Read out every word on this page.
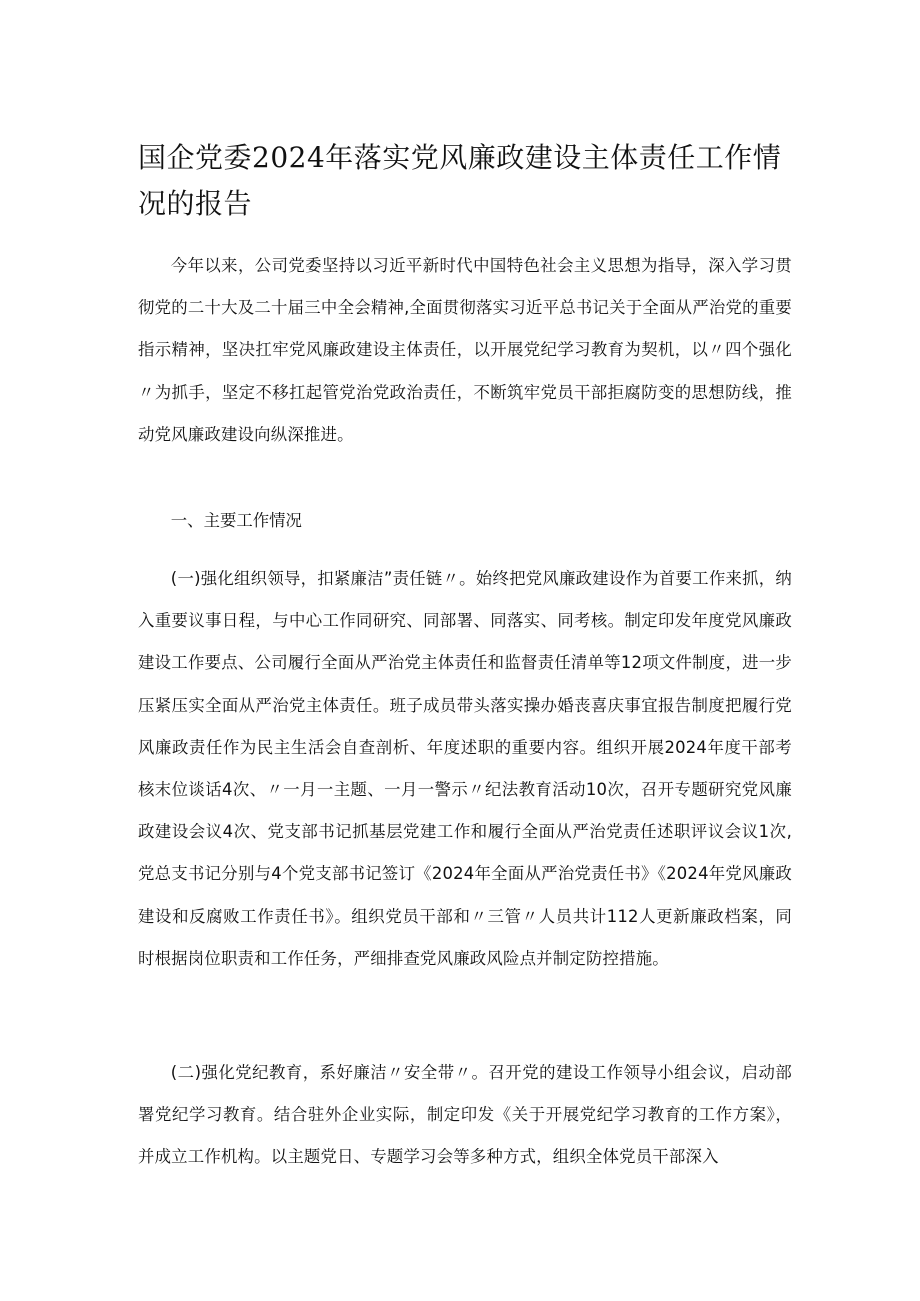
国企党委2024年落实党风廉政建设主体责任工作情况的报告

今年以来，公司党委坚持以习近平新时代中国特色社会主义思想为指导，深入学习贯彻党的二十大及二十届三中全会精神,全面贯彻落实习近平总书记关于全面从严治党的重要指示精神，坚决扛牢党风廉政建设主体责任，以开展党纪学习教育为契机，以〃四个强化〃为抓手，坚定不移扛起管党治党政治责任，不断筑牢党员干部拒腐防变的思想防线，推动党风廉政建设向纵深推进。

一、主要工作情况

(一)强化组织领导，扣紧廉洁”责任链〃。始终把党风廉政建设作为首要工作来抓，纳入重要议事日程，与中心工作同研究、同部署、同落实、同考核。制定印发年度党风廉政建设工作要点、公司履行全面从严治党主体责任和监督责任清单等12项文件制度，进一步压紧压实全面从严治党主体责任。班子成员带头落实操办婚丧喜庆事宜报告制度把履行党风廉政责任作为民主生活会自查剖析、年度述职的重要内容。组织开展2024年度干部考核末位谈话4次、〃一月一主题、一月一警示〃纪法教育活动10次，召开专题研究党风廉政建设会议4次、党支部书记抓基层党建工作和履行全面从严治党责任述职评议会议1次,党总支书记分别与4个党支部书记签订《2024年全面从严治党责任书》《2024年党风廉政建设和反腐败工作责任书》。组织党员干部和〃三管〃人员共计112人更新廉政档案，同时根据岗位职责和工作任务，严细排查党风廉政风险点并制定防控措施。

(二)强化党纪教育，系好廉洁〃安全带〃。召开党的建设工作领导小组会议，启动部署党纪学习教育。结合驻外企业实际，制定印发《关于开展党纪学习教育的工作方案》，并成立工作机构。以主题党日、专题学习会等多种方式，组织全体党员干部深入
